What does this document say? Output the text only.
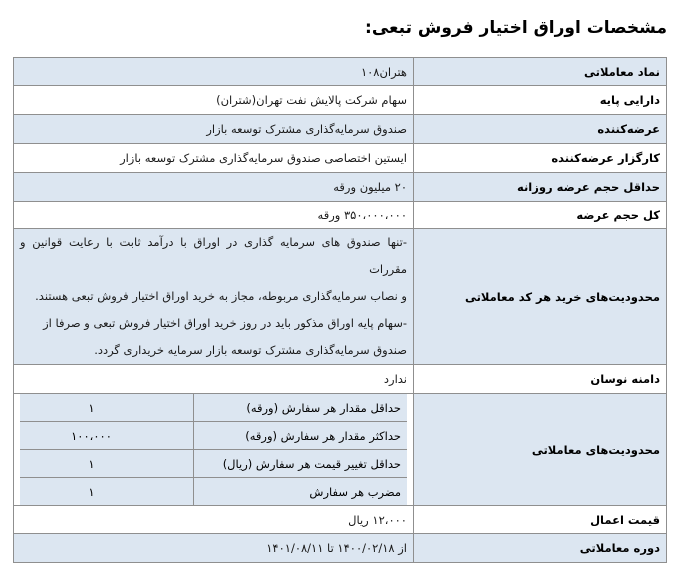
مشخصات اوراق اختیار فروش تبعی:
نماد معاملاتی	هتران۱۰۸
دارایی پایه	سهام شرکت پالایش نفت تهران(شتران)
عرضه‌کننده	صندوق سرمایه‌گذاری مشترک توسعه بازار
کارگزار عرضه‌کننده	ایستین اختصاصی صندوق سرمایه‌گذاری مشترک توسعه بازار
حداقل حجم عرضه روزانه	۲۰ میلیون ورقه
کل حجم عرضه	۳۵۰،۰۰۰،۰۰۰ ورقه
محدودیت‌های خرید هر کد معاملاتی	
-تنها صندوق های سرمایه گذاری در اوراق با درآمد ثابت با رعایت قوانین و مقررات
و نصاب سرمایه‌گذاری مربوطه، مجاز به خرید اوراق اختیار فروش تبعی هستند.
-سهام پایه اوراق مذکور باید در روز خرید اوراق اختیار فروش تبعی و صرفا از
صندوق سرمایه‌گذاری مشترک توسعه بازار سرمایه خریداری گردد.

دامنه نوسان	ندارد
محدودیت‌های معاملاتی	
حداقل مقدار هر سفارش (ورقه)	۱
حداکثر مقدار هر سفارش (ورقه)	۱۰۰،۰۰۰
حداقل تغییر قیمت هر سفارش (ریال)	۱
مضرب هر سفارش	۱

قیمت اعمال	۱۲،۰۰۰ ریال
دوره معاملاتی	از ۱۴۰۰/۰۲/۱۸ تا ۱۴۰۱/۰۸/۱۱
